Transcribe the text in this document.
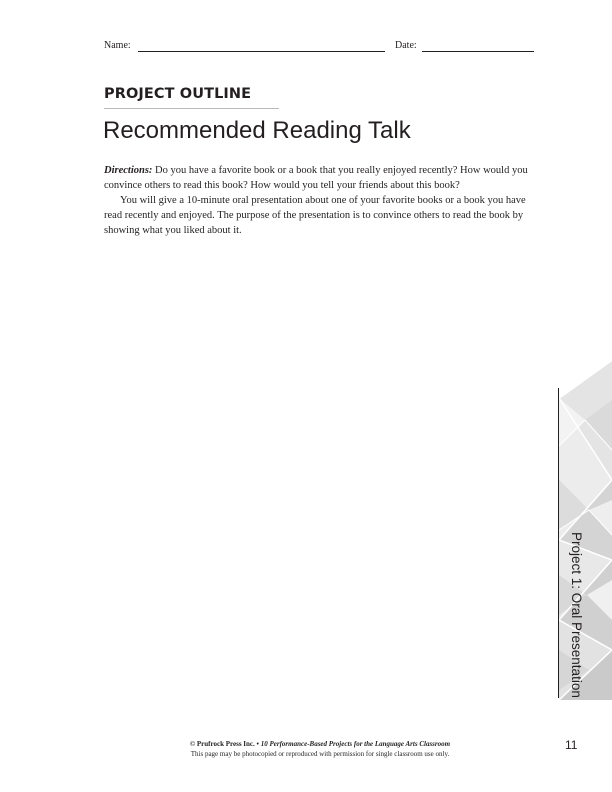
Name:	Date:
PROJECT OUTLINE
Recommended Reading Talk

Directions: Do you have a favorite book or a book that you really enjoyed recently? How would you convince others to read this book? How would you tell your friends about this book?

You will give a 10-minute oral presentation about one of your favorite books or a book you have read recently and enjoyed. The purpose of the presentation is to convince others to read the book by showing what you liked about it.

Project 1: Oral Presentation
© Prufrock Press Inc. • 10 Performance-Based Projects for the Language Arts Classroom
This page may be photocopied or reproduced with permission for single classroom use only.
11
